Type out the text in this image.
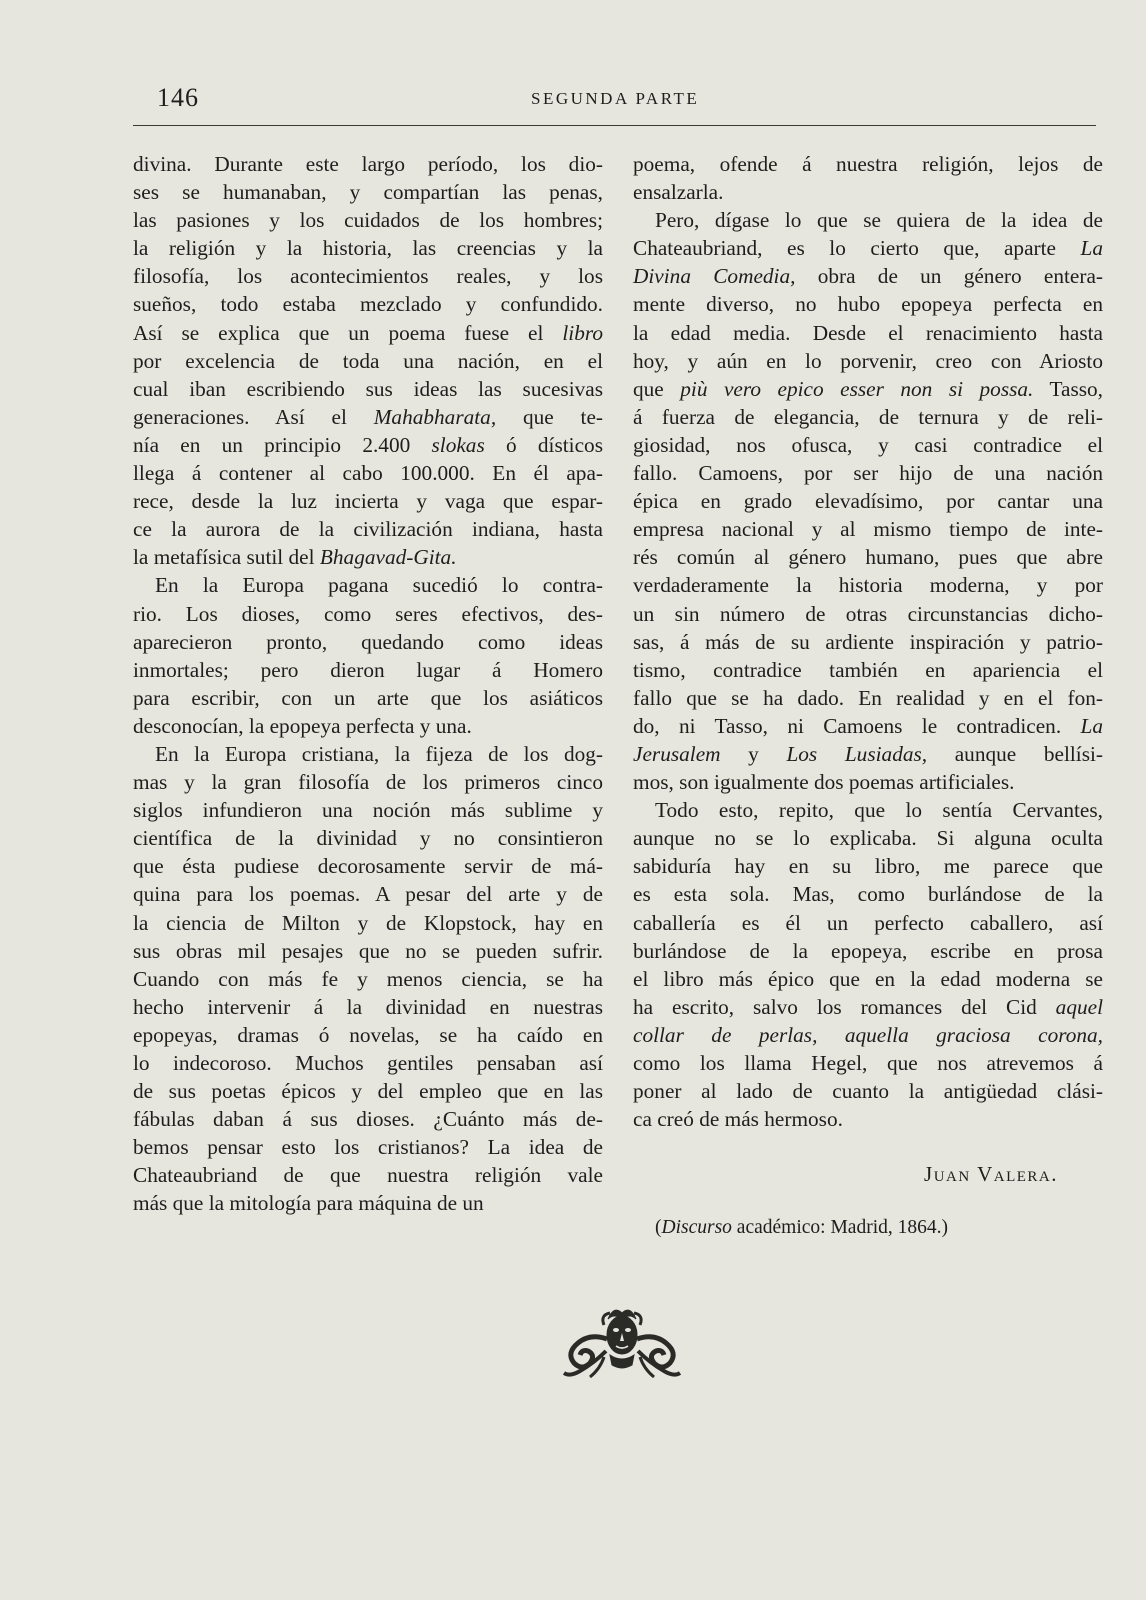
146	SEGUNDA PARTE
divina. Durante este largo período, los dio-
ses se humanaban, y compartían las penas,
las pasiones y los cuidados de los hombres;
la religión y la historia, las creencias y la
filosofía, los acontecimientos reales, y los
sueños, todo estaba mezclado y confundido.
Así se explica que un poema fuese el libro
por excelencia de toda una nación, en el
cual iban escribiendo sus ideas las sucesivas
generaciones. Así el Mahabharata, que te-
nía en un principio 2.400 slokas ó dísticos
llega á contener al cabo 100.000. En él apa-
rece, desde la luz incierta y vaga que espar-
ce la aurora de la civilización indiana, hasta
la metafísica sutil del Bhagavad-Gita.
En la Europa pagana sucedió lo contra-
rio. Los dioses, como seres efectivos, des-
aparecieron pronto, quedando como ideas
inmortales; pero dieron lugar á Homero
para escribir, con un arte que los asiáticos
desconocían, la epopeya perfecta y una.
En la Europa cristiana, la fijeza de los dog-
mas y la gran filosofía de los primeros cinco
siglos infundieron una noción más sublime y
científica de la divinidad y no consintieron
que ésta pudiese decorosamente servir de má-
quina para los poemas. A pesar del arte y de
la ciencia de Milton y de Klopstock, hay en
sus obras mil pesajes que no se pueden sufrir.
Cuando con más fe y menos ciencia, se ha
hecho intervenir á la divinidad en nuestras
epopeyas, dramas ó novelas, se ha caído en
lo indecoroso. Muchos gentiles pensaban así
de sus poetas épicos y del empleo que en las
fábulas daban á sus dioses. ¿Cuánto más de-
bemos pensar esto los cristianos? La idea de
Chateaubriand de que nuestra religión vale
más que la mitología para máquina de un
poema, ofende á nuestra religión, lejos de
ensalzarla.
Pero, dígase lo que se quiera de la idea de
Chateaubriand, es lo cierto que, aparte La
Divina Comedia, obra de un género entera-
mente diverso, no hubo epopeya perfecta en
la edad media. Desde el renacimiento hasta
hoy, y aún en lo porvenir, creo con Ariosto
que più vero epico esser non si possa. Tasso,
á fuerza de elegancia, de ternura y de reli-
giosidad, nos ofusca, y casi contradice el
fallo. Camoens, por ser hijo de una nación
épica en grado elevadísimo, por cantar una
empresa nacional y al mismo tiempo de inte-
rés común al género humano, pues que abre
verdaderamente la historia moderna, y por
un sin número de otras circunstancias dicho-
sas, á más de su ardiente inspiración y patrio-
tismo, contradice también en apariencia el
fallo que se ha dado. En realidad y en el fon-
do, ni Tasso, ni Camoens le contradicen. La
Jerusalem y Los Lusiadas, aunque bellísi-
mos, son igualmente dos poemas artificiales.
Todo esto, repito, que lo sentía Cervantes,
aunque no se lo explicaba. Si alguna oculta
sabiduría hay en su libro, me parece que
es esta sola. Mas, como burlándose de la
caballería es él un perfecto caballero, así
burlándose de la epopeya, escribe en prosa
el libro más épico que en la edad moderna se
ha escrito, salvo los romances del Cid aquel
collar de perlas, aquella graciosa corona,
como los llama Hegel, que nos atrevemos á
poner al lado de cuanto la antigüedad clási-
ca creó de más hermoso.
Juan Valera.
(Discurso académico: Madrid, 1864.)
